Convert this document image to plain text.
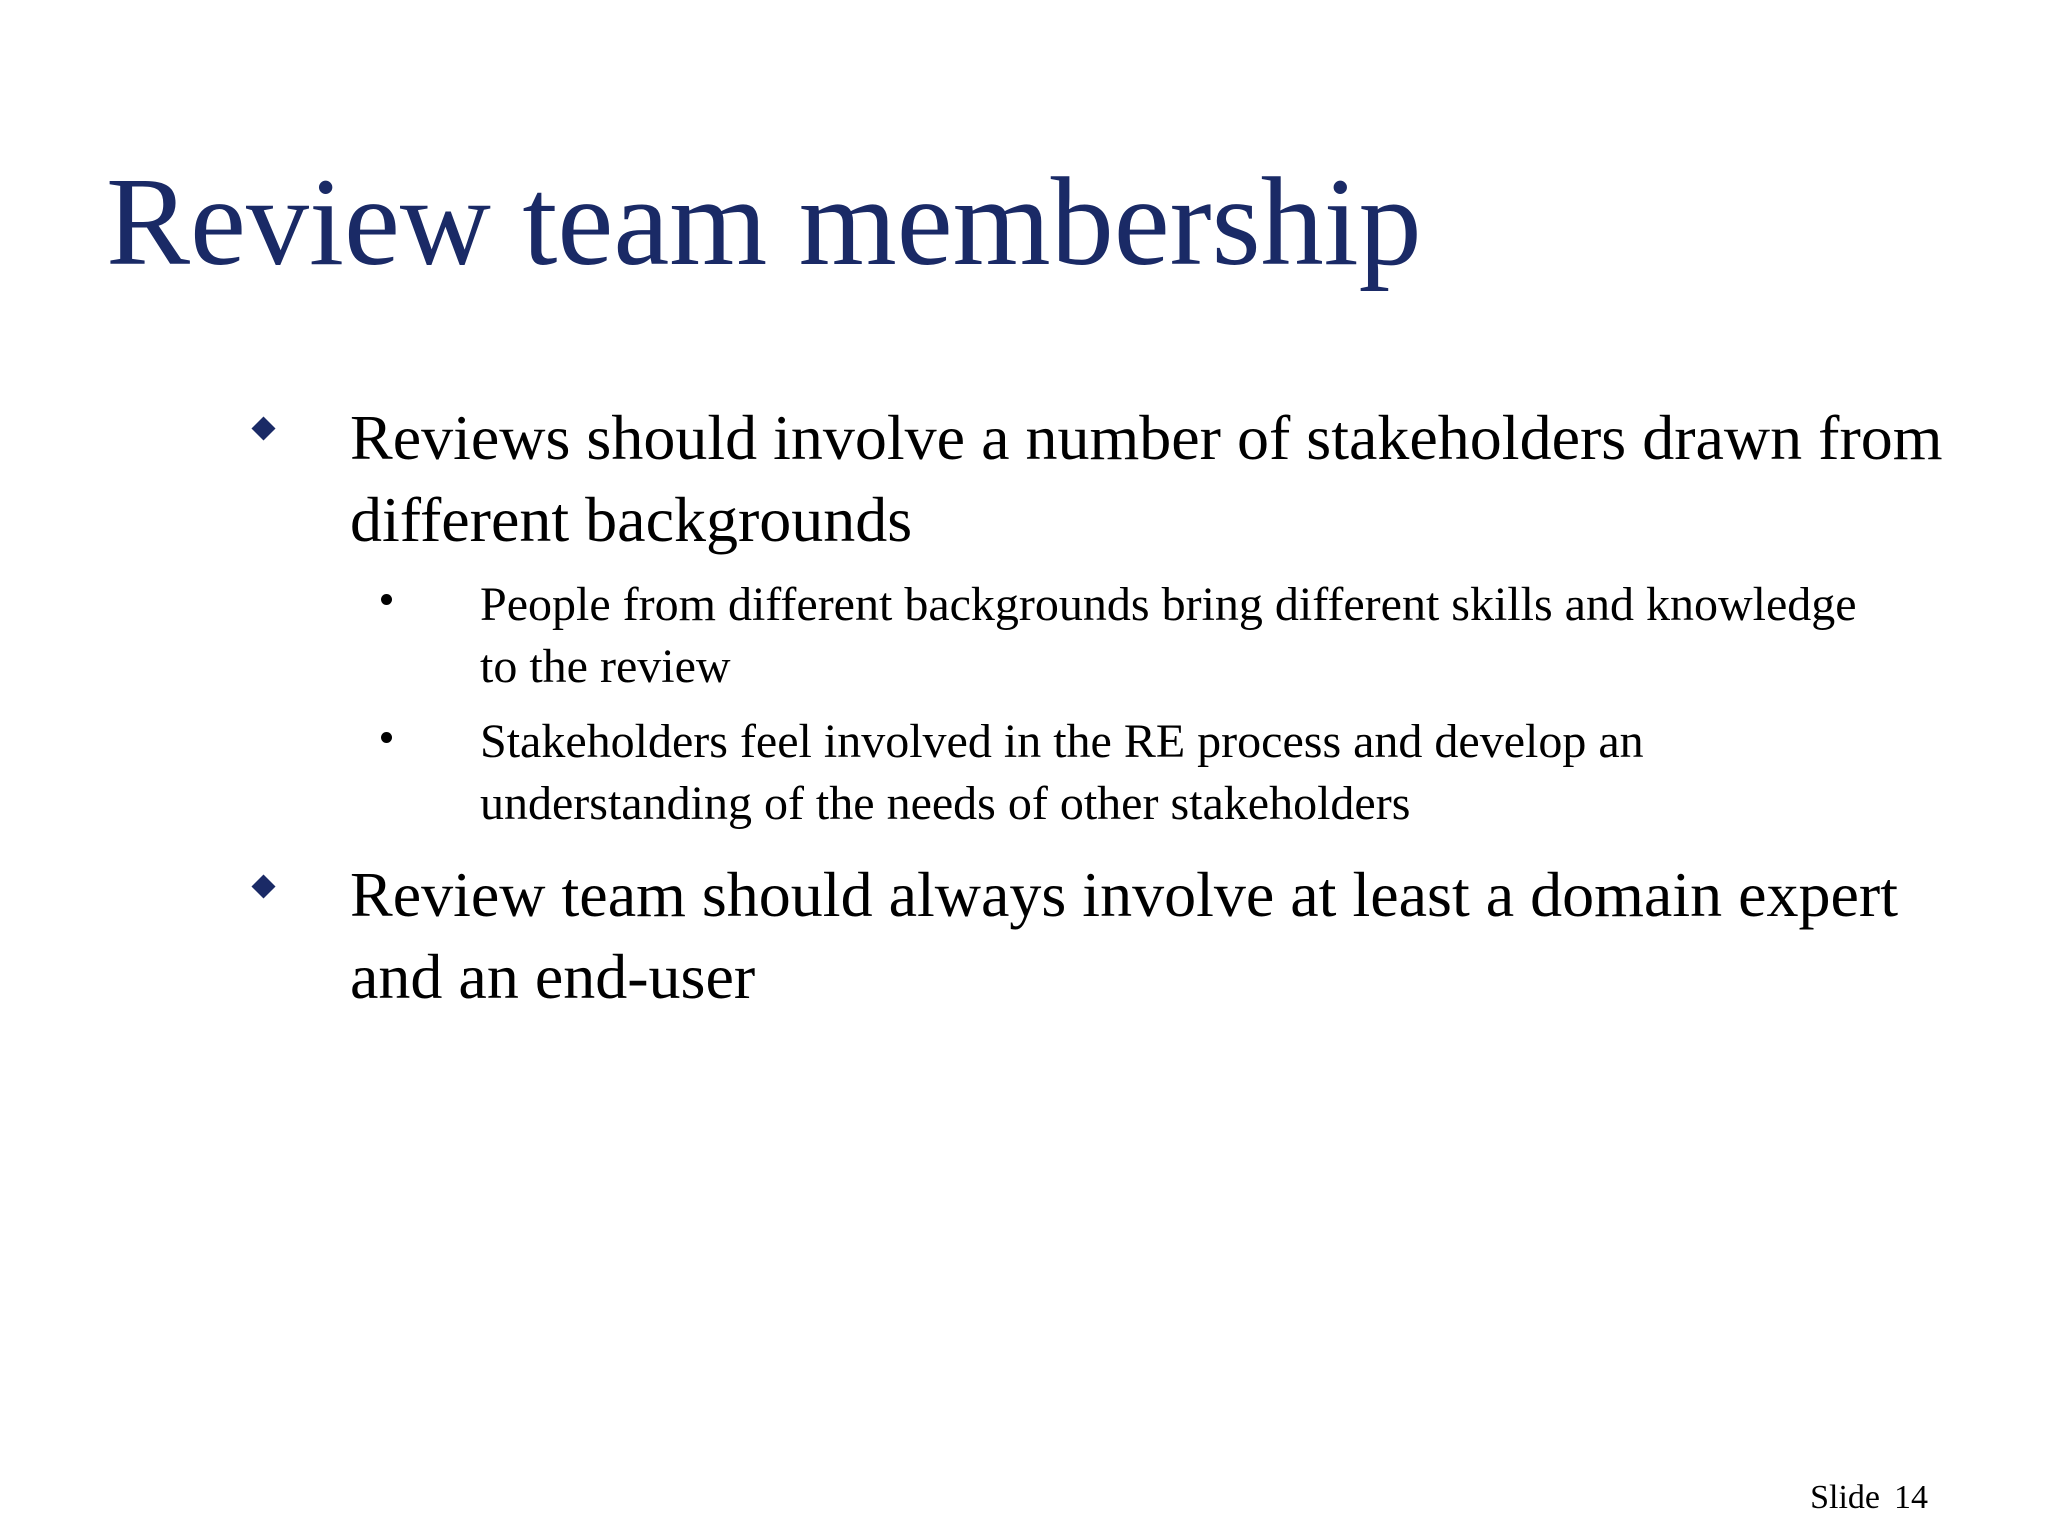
Review team membership
Reviews should involve a number of stakeholders drawn from different backgrounds
People from different backgrounds bring different skills and knowledge to the review
Stakeholders feel involved in the RE process and develop an understanding of the needs of other stakeholders
Review team should always involve at least a domain expert and an end-user
Slide 14
